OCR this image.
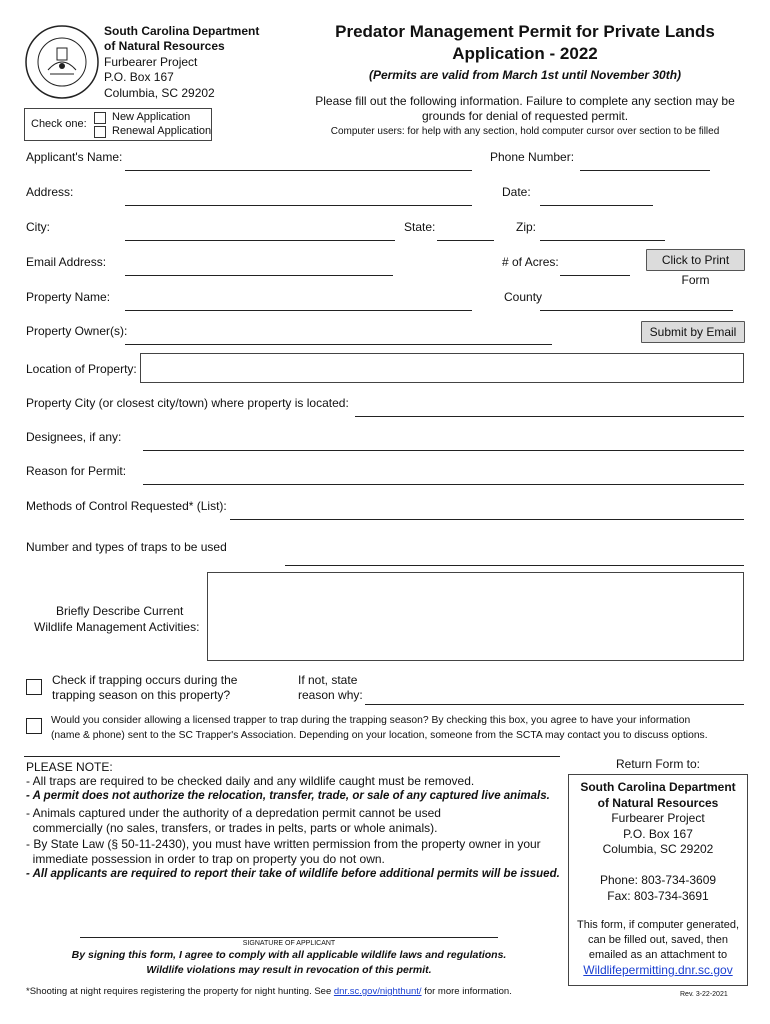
South Carolina Department
of Natural Resources
Furbearer Project
P.O. Box 167
Columbia, SC 29202
Predator Management Permit for Private Lands
Application - 2022
(Permits are valid from March 1st until November 30th)
Please fill out the following information. Failure to complete any section may be
grounds for denial of requested permit.
Computer users: for help with any section, hold computer cursor over section to be filled
Check one:
New Application
Renewal Application
Applicant's Name:	Phone Number:
Address:	Date:
City:	State:	Zip:
Email Address:	# of Acres:	Click to Print Form
Property Name:	County
Property Owner(s):	Submit by Email
Location of Property:
Property City (or closest city/town) where property is located:
Designees, if any:
Reason for Permit:
Methods of Control Requested* (List):
Number and types of traps to be used
Briefly Describe Current
Wildlife Management Activities:
Check if trapping occurs during the
trapping season on this property?
If not, state
reason why:
Would you consider allowing a licensed trapper to trap during the trapping season? By checking this box, you agree to have your information
(name & phone) sent to the SC Trapper's Association. Depending on your location, someone from the SCTA may contact you to discuss options.
PLEASE NOTE:
- All traps are required to be checked daily and any wildlife caught must be removed.
- A permit does not authorize the relocation, transfer, trade, or sale of any captured live animals.
- Animals captured under the authority of a depredation permit cannot be used
commercially (no sales, transfers, or trades in pelts, parts or whole animals).
- By State Law (§ 50-11-2430), you must have written permission from the property owner in your
immediate possession in order to trap on property you do not own.
- All applicants are required to report their take of wildlife before additional permits will be issued.
Return Form to:
South Carolina Department
of Natural Resources
Furbearer Project
P.O. Box 167
Columbia, SC 29202
Phone: 803-734-3609
Fax: 803-734-3691
This form, if computer generated,
can be filled out, saved, then
emailed as an attachment to
Wildlifepermitting.dnr.sc.gov
SIGNATURE OF APPLICANT
By signing this form, I agree to comply with all applicable wildlife laws and regulations.
Wildlife violations may result in revocation of this permit.
*Shooting at night requires registering the property for night hunting. See dnr.sc.gov/nighthunt/ for more information.	Rev. 3-22-2021
